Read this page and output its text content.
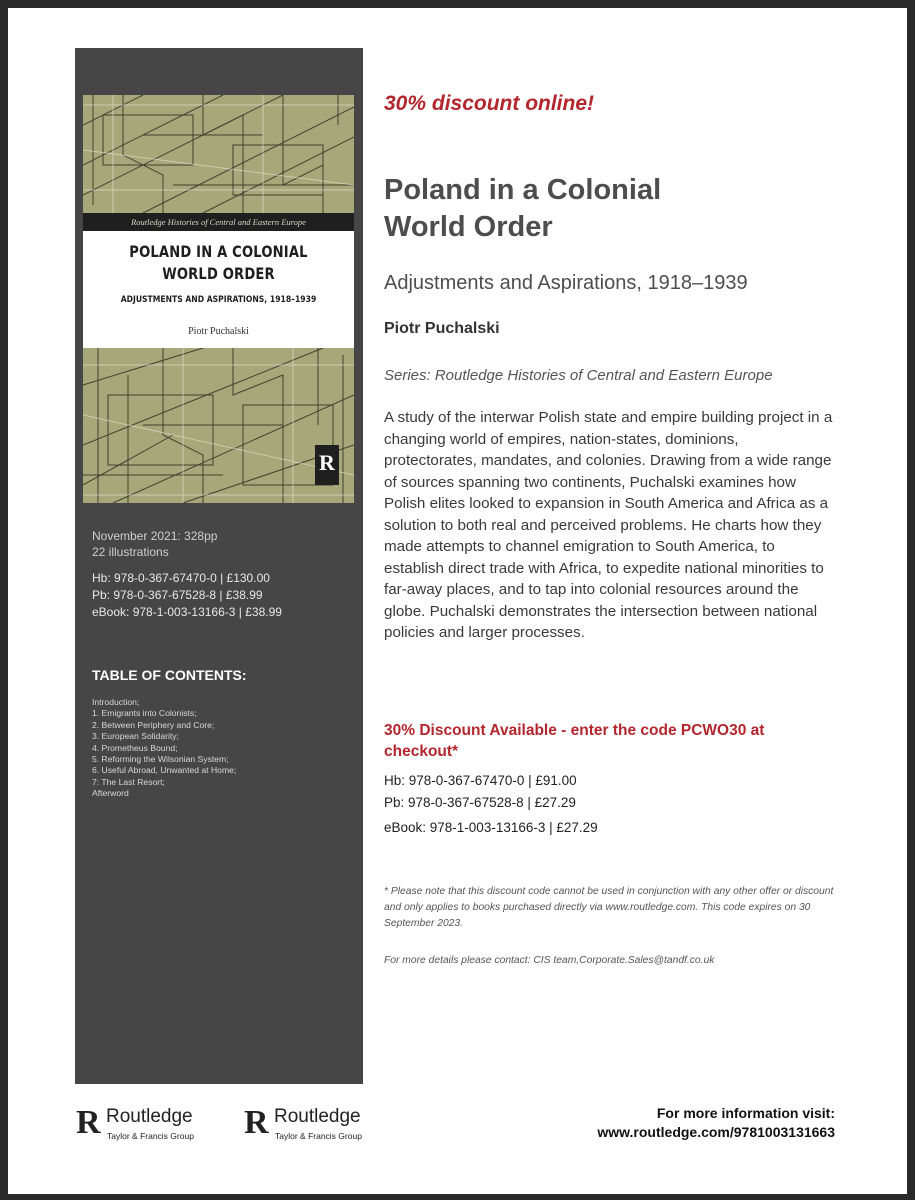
Routledge Histories of Central and Eastern Europe
POLAND IN A COLONIAL WORLD ORDER
ADJUSTMENTS AND ASPIRATIONS, 1918–1939
Piotr Puchalski
R
November 2021: 328pp
22 illustrations
Hb: 978-0-367-67470-0 | £130.00
Pb: 978-0-367-67528-8 | £38.99
eBook: 978-1-003-13166-3 | £38.99
TABLE OF CONTENTS:
Introduction;
1. Emigrants into Colonists;
2. Between Periphery and Core;
3. European Solidarity;
4. Prometheus Bound;
5. Reforming the Wilsonian System;
6. Useful Abroad, Unwanted at Home;
7: The Last Resort;
Afterword
30% discount online!
Poland in a Colonial World Order
Adjustments and Aspirations, 1918–1939
Piotr Puchalski
Series: Routledge Histories of Central and Eastern Europe
A study of the interwar Polish state and empire building project in a changing world of empires, nation-states, dominions, protectorates, mandates, and colonies. Drawing from a wide range of sources spanning two continents, Puchalski examines how Polish elites looked to expansion in South America and Africa as a solution to both real and perceived problems. He charts how they made attempts to channel emigration to South America, to establish direct trade with Africa, to expedite national minorities to far-away places, and to tap into colonial resources around the globe. Puchalski demonstrates the intersection between national policies and larger processes.
30% Discount Available - enter the code PCWO30 at checkout*
Hb: 978-0-367-67470-0 | £91.00
Pb: 978-0-367-67528-8 | £27.29
eBook: 978-1-003-13166-3 | £27.29
* Please note that this discount code cannot be used in conjunction with any other offer or discount and only applies to books purchased directly via www.routledge.com. This code expires on 30 September 2023.
For more details please contact: CIS team,Corporate.Sales@tandf.co.uk
R Routledge
Taylor & Francis Group R Routledge
Taylor & Francis Group
For more information visit:
www.routledge.com/9781003131663
